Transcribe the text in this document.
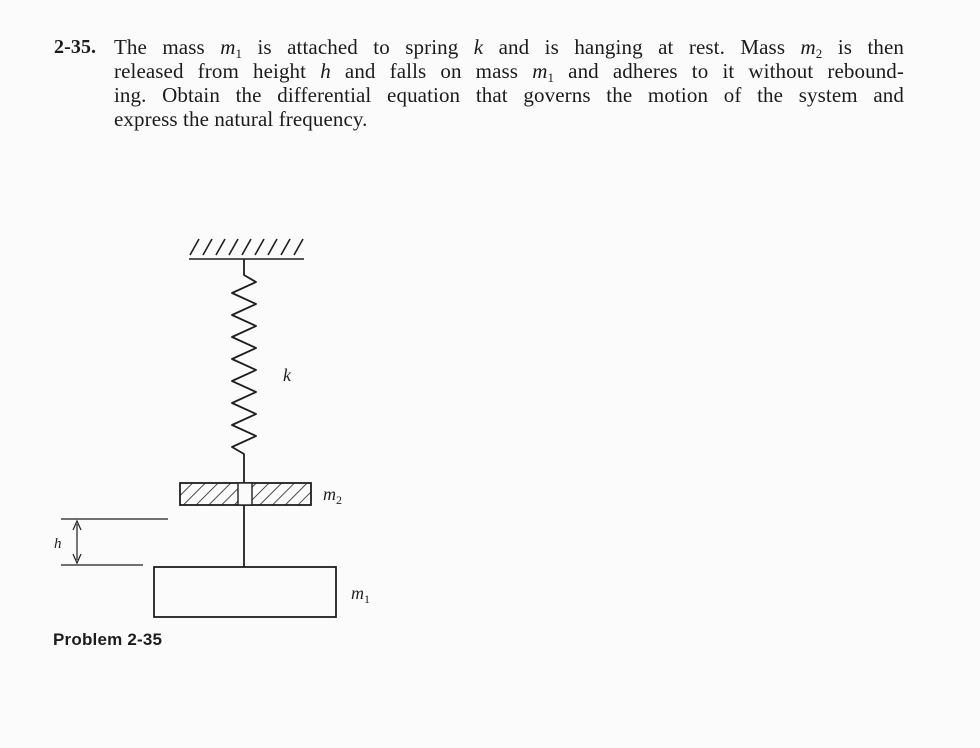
2-35. The mass $m_1$ is attached to spring k and is hanging at rest. Mass $m_2$ is then
released from height h and falls on mass $m_1$ and adheres to it without rebound-
ing. Obtain the differential equation that governs the motion of the system and
express the natural frequency.
k
$m_2$
$m_1$
h
Problem 2-35
